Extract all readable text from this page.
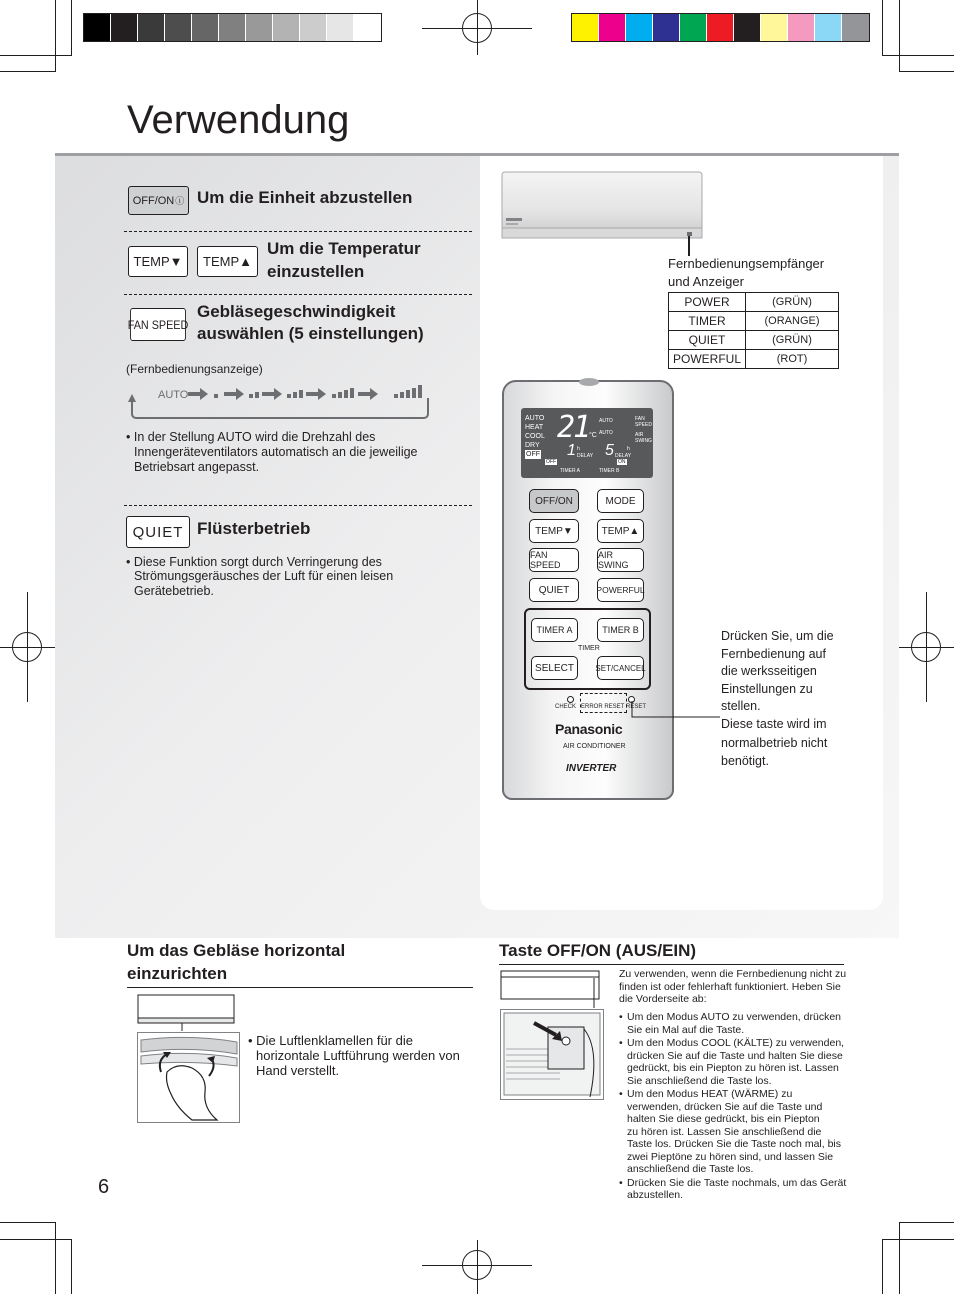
Verwendung
OFF/ON ⓘ Um die Einheit abzustellen
TEMP▼	TEMP▲
Um die Temperatur
einzustellen
FAN SPEED
Gebläsegeschwindigkeit
auswählen (5 einstellungen)
(Fernbedienungsanzeige)
AUTO
• In der Stellung AUTO wird die Drehzahl des
Innengeräteventilators automatisch an die jeweilige
Betriebsart angepasst.
QUIET Flüsterbetrieb
• Diese Funktion sorgt durch Verringerung des
Strömungsgeräusches der Luft für einen leisen
Gerätebetrieb.
Fernbedienungsempfänger
und Anzeiger
POWER	(GRÜN)
TIMER	(ORANGE)
QUIET	(GRÜN)
POWERFUL	(ROT)
AUTO
HEAT
COOL
DRY
OFF
21 °C
AUTO
AUTO
FAN SPEED
AIR SWING
1 h
DELAY 5	h
DELAY
OFF	ON
TIMER A	TIMER B
OFF/ON	MODE
TEMP▼	TEMP▲
FAN SPEED
AIR SWING
QUIET	POWERFUL
TIMER A	TIMER B
TIMER
SELECT	SET/CANCEL
CHECK ERROR RESET RESET
Panasonic
AIR CONDITIONER
INVERTER
Drücken Sie, um die
Fernbedienung auf
die werksseitigen
Einstellungen zu
stellen.
Diese taste wird im
normalbetrieb nicht
benötigt.
Um das Gebläse horizontal
einzurichten
• Die Luftlenklamellen für die
horizontale Luftführung werden von
Hand verstellt.
Taste OFF/ON (AUS/EIN)
Zu verwenden, wenn die Fernbedienung nicht zu
finden ist oder fehlerhaft funktioniert. Heben Sie
die Vorderseite ab:
• Um den Modus AUTO zu verwenden, drücken
Sie ein Mal auf die Taste.
• Um den Modus COOL (KÄLTE) zu verwenden,
drücken Sie auf die Taste und halten Sie diese
gedrückt, bis ein Piepton zu hören ist. Lassen
Sie anschließend die Taste los.
• Um den Modus HEAT (WÄRME) zu
verwenden, drücken Sie auf die Taste und
halten Sie diese gedrückt, bis ein Piepton
zu hören ist. Lassen Sie anschließend die
Taste los. Drücken Sie die Taste noch mal, bis
zwei Pieptöne zu hören sind, und lassen Sie
anschließend die Taste los.
• Drücken Sie die Taste nochmals, um das Gerät
abzustellen.
6
